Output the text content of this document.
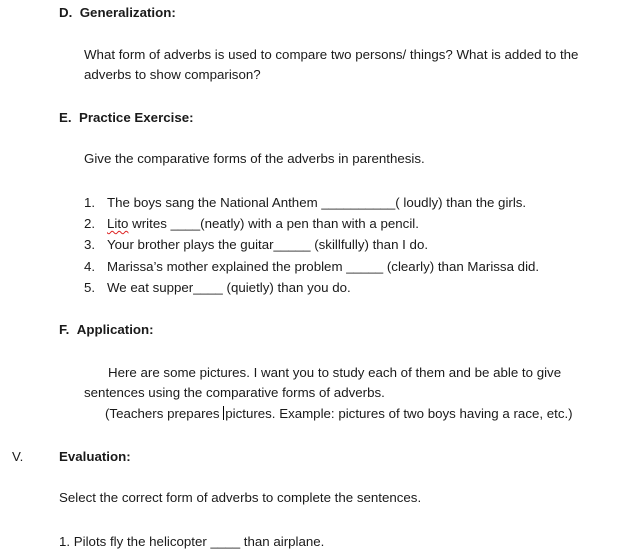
D. Generalization:
What form of adverbs is used to compare two persons/ things? What is added to the adverbs to show comparison?
E. Practice Exercise:
Give the comparative forms of the adverbs in parenthesis.
1. The boys sang the National Anthem __________( loudly) than the girls.
2. Lito writes ____(neatly) with a pen than with a pencil.
3. Your brother plays the guitar_____ (skillfully) than I do.
4. Marissa’s mother explained the problem _____ (clearly) than Marissa did.
5. We eat supper____ (quietly) than you do.
F. Application:
Here are some pictures. I want you to study each of them and be able to give sentences using the comparative forms of adverbs.
(Teachers prepares pictures. Example: pictures of two boys having a race, etc.)
V.	Evaluation:
Select the correct form of adverbs to complete the sentences.
1. Pilots fly the helicopter ____ than airplane.
